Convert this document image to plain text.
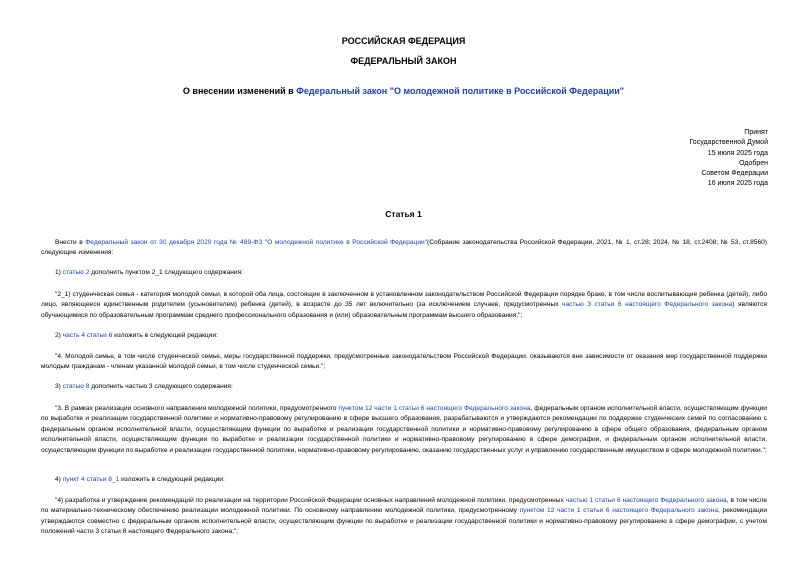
РОССИЙСКАЯ ФЕДЕРАЦИЯ
ФЕДЕРАЛЬНЫЙ ЗАКОН
О внесении изменений в Федеральный закон "О молодежной политике в Российской Федерации"
Принят
Государственной Думой
15 июля 2025 года
Одобрен
Советом Федерации
16 июля 2025 года
Статья 1

Внести в Федеральный закон от 30 декабря 2020 года № 489-ФЗ "О молодежной политике в Российской Федерации"(Собрание законодательства Российской Федерации, 2021, № 1, ст.28; 2024, № 18, ст.2408; № 53, ст.8560) следующие изменения:

1) статью 2 дополнить пунктом 2_1 следующего содержания:

"2_1) студенческая семья - категория молодой семьи, в которой оба лица, состоящие в заключенном в установленном законодательством Российской Федерации порядке браке, в том числе воспитывающие ребенка (детей), либо лицо, являющееся единственным родителем (усыновителем) ребенка (детей), в возрасте до 35 лет включительно (за исключением случаев, предусмотренных частью 3 статьи 6 настоящего Федерального закона) являются обучающимися по образовательным программам среднего профессионального образования и (или) образовательным программам высшего образования;";

2) часть 4 статьи 6 изложить в следующей редакции:

"4. Молодой семье, в том числе студенческой семье, меры государственной поддержки, предусмотренные законодательством Российской Федерации, оказываются вне зависимости от оказания мер государственной поддержки молодым гражданам - членам указанной молодой семьи, в том числе студенческой семьи.";

3) статью 8 дополнить частью 3 следующего содержания:

"3. В рамках реализации основного направления молодежной политики, предусмотренного пунктом 12 части 1 статьи 6 настоящего Федерального закона, федеральным органом исполнительной власти, осуществляющим функции по выработке и реализации государственной политики и нормативно-правовому регулированию в сфере высшего образования, разрабатываются и утверждаются рекомендации по поддержке студенческих семей по согласованию с федеральным органом исполнительной власти, осуществляющим функции по выработке и реализации государственной политики и нормативно-правовому регулированию в сфере общего образования, федеральным органом исполнительной власти, осуществляющим функции по выработке и реализации государственной политики и нормативно-правовому регулированию в сфере демографии, и федеральным органом исполнительной власти, осуществляющим функции по выработке и реализации государственной политики, нормативно-правовому регулированию, оказанию государственных услуг и управлению государственным имуществом в сфере молодежной политики.";

4) пункт 4 статьи 8_1 изложить в следующей редакции:

"4) разработка и утверждение рекомендаций по реализации на территории Российской Федерации основных направлений молодежной политики, предусмотренных частью 1 статьи 6 настоящего Федерального закона, в том числе по материально-техническому обеспечению реализации молодежной политики. По основному направлению молодежной политики, предусмотренному пунктом 12 части 1 статьи 6 настоящего Федерального закона, рекомендации утверждаются совместно с федеральным органом исполнительной власти, осуществляющим функции по выработке и реализации государственной политики и нормативно-правовому регулированию в сфере демографии, с учетом положений части 3 статьи 8 настоящего Федерального закона;";
